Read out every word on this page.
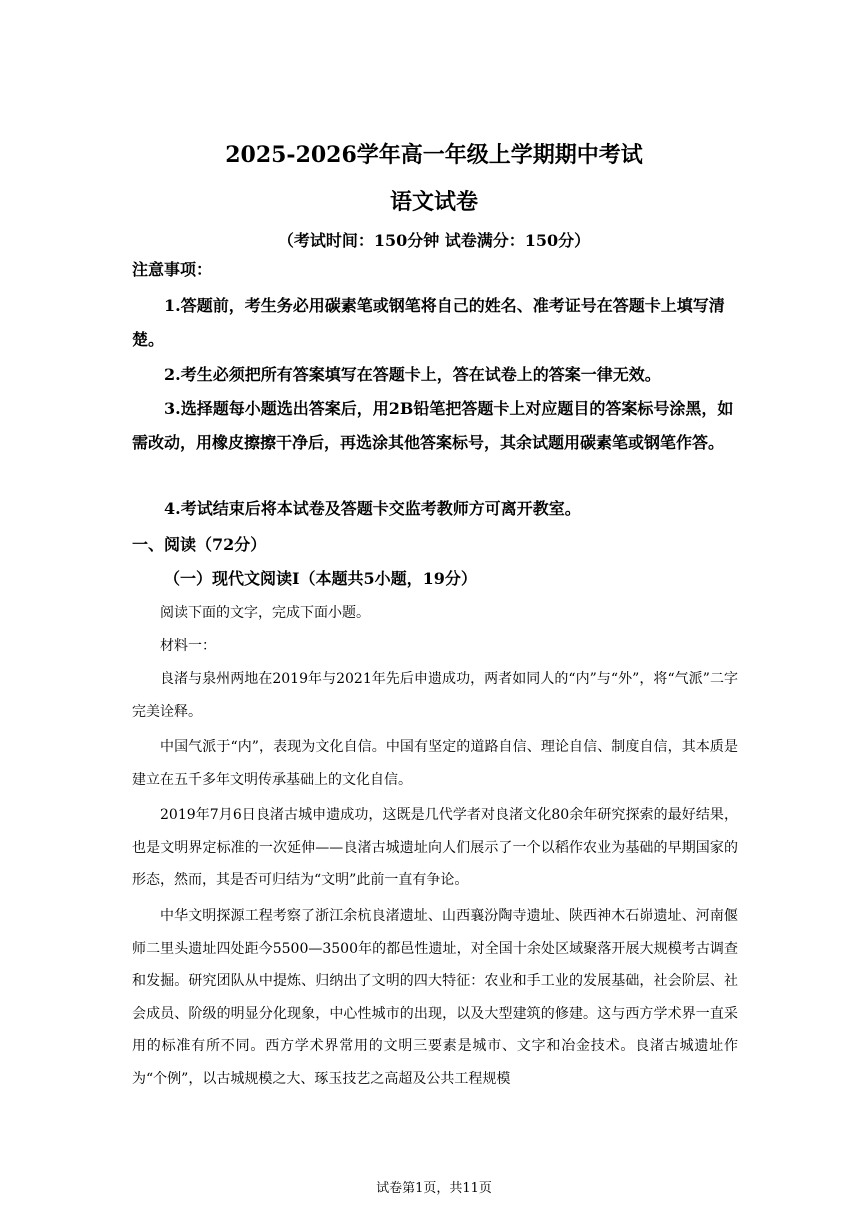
2025-2026学年高一年级上学期期中考试
语文试卷
（考试时间：150分钟 试卷满分：150分）
注意事项：
1.答题前，考生务必用碳素笔或钢笔将自己的姓名、准考证号在答题卡上填写清楚。
2.考生必须把所有答案填写在答题卡上，答在试卷上的答案一律无效。
3.选择题每小题选出答案后，用2B铅笔把答题卡上对应题目的答案标号涂黑，如需改动，用橡皮擦擦干净后，再选涂其他答案标号，其余试题用碳素笔或钢笔作答。
4.考试结束后将本试卷及答题卡交监考教师方可离开教室。
一、阅读（72分）
（一）现代文阅读I（本题共5小题，19分）
阅读下面的文字，完成下面小题。
材料一：
良渚与泉州两地在2019年与2021年先后申遗成功，两者如同人的“内”与“外”，将“气派”二字完美诠释。
中国气派于“内”，表现为文化自信。中国有坚定的道路自信、理论自信、制度自信，其本质是建立在五千多年文明传承基础上的文化自信。
2019年7月6日良渚古城申遗成功，这既是几代学者对良渚文化80余年研究探索的最好结果，也是文明界定标准的一次延伸——良渚古城遗址向人们展示了一个以稻作农业为基础的早期国家的形态，然而，其是否可归结为“文明”此前一直有争论。
中华文明探源工程考察了浙江余杭良渚遗址、山西襄汾陶寺遗址、陕西神木石峁遗址、河南偃师二里头遗址四处距今5500—3500年的都邑性遗址，对全国十余处区域聚落开展大规模考古调查和发掘。研究团队从中提炼、归纳出了文明的四大特征：农业和手工业的发展基础，社会阶层、社会成员、阶级的明显分化现象，中心性城市的出现，以及大型建筑的修建。这与西方学术界一直采用的标准有所不同。西方学术界常用的文明三要素是城市、文字和冶金技术。良渚古城遗址作为“个例”，以古城规模之大、琢玉技艺之高超及公共工程规模
试卷第1页，共11页
